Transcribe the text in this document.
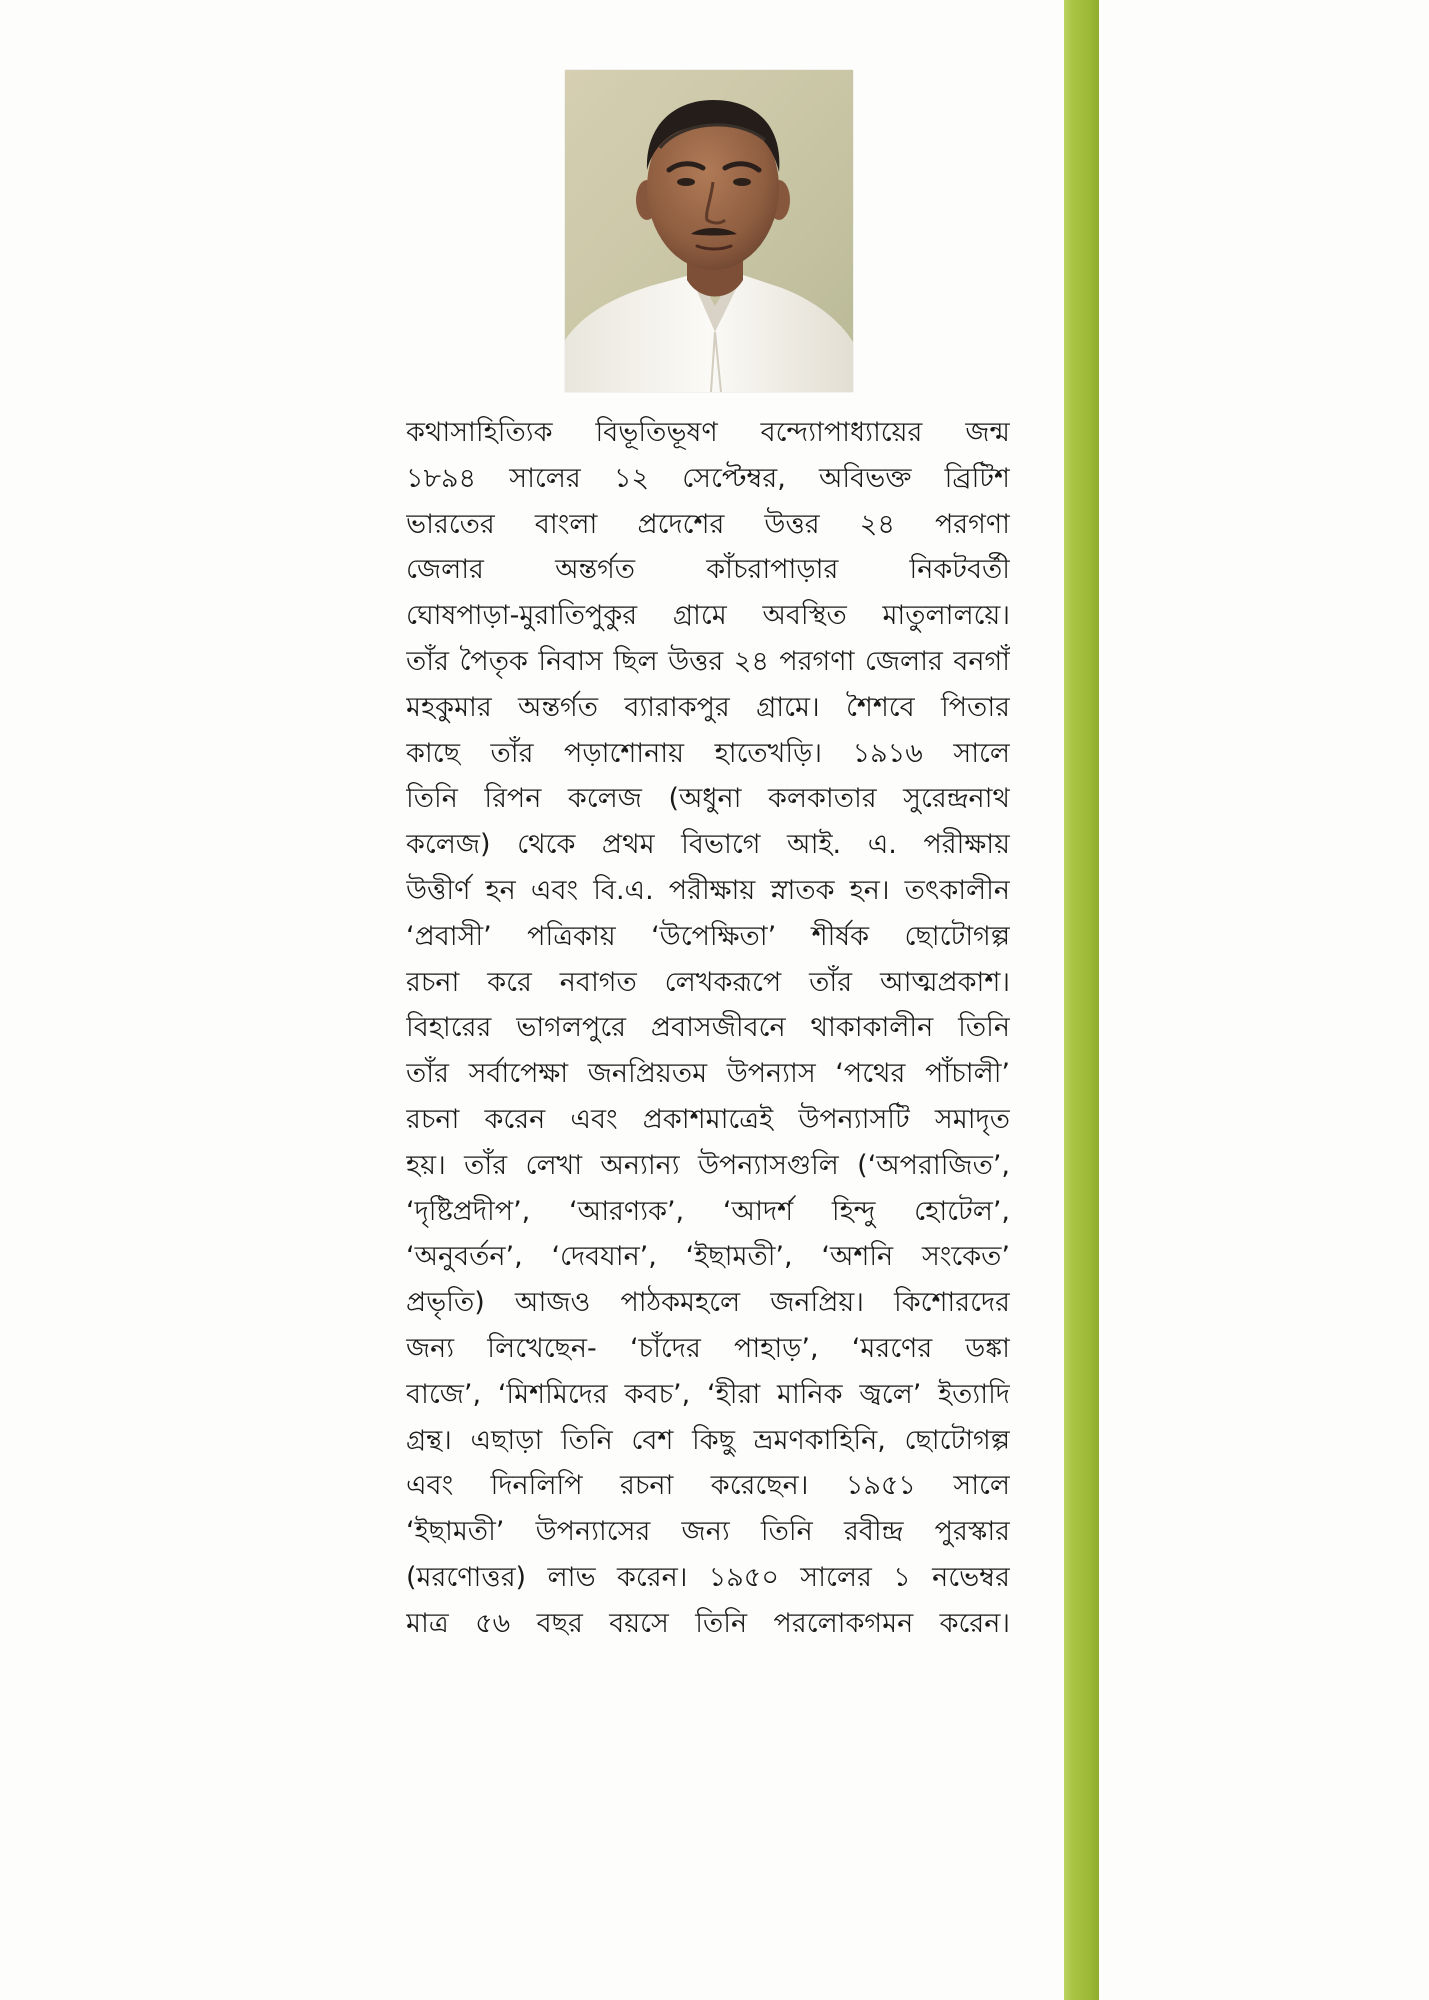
কথাসাহিত্যিক বিভূতিভূষণ বন্দ্যোপাধ্যায়ের জন্ম
১৮৯৪ সালের ১২ সেপ্টেম্বর, অবিভক্ত ব্রিটিশ
ভারতের বাংলা প্রদেশের উত্তর ২৪ পরগণা
জেলার অন্তর্গত কাঁচরাপাড়ার নিকটবর্তী
ঘোষপাড়া-মুরাতিপুকুর গ্রামে অবস্থিত মাতুলালয়ে।
তাঁর পৈতৃক নিবাস ছিল উত্তর ২৪ পরগণা জেলার বনগাঁ
মহকুমার অন্তর্গত ব্যারাকপুর গ্রামে। শৈশবে পিতার
কাছে তাঁর পড়াশোনায় হাতেখড়ি। ১৯১৬ সালে
তিনি রিপন কলেজ (অধুনা কলকাতার সুরেন্দ্রনাথ
কলেজ) থেকে প্রথম বিভাগে আই. এ. পরীক্ষায়
উত্তীর্ণ হন এবং বি.এ. পরীক্ষায় স্নাতক হন। তৎকালীন
‘প্রবাসী’ পত্রিকায় ‘উপেক্ষিতা’ শীর্ষক ছোটোগল্প
রচনা করে নবাগত লেখকরূপে তাঁর আত্মপ্রকাশ।
বিহারের ভাগলপুরে প্রবাসজীবনে থাকাকালীন তিনি
তাঁর সর্বাপেক্ষা জনপ্রিয়তম উপন্যাস ‘পথের পাঁচালী’
রচনা করেন এবং প্রকাশমাত্রেই উপন্যাসটি সমাদৃত
হয়। তাঁর লেখা অন্যান্য উপন্যাসগুলি (‘অপরাজিত’,
‘দৃষ্টিপ্রদীপ’, ‘আরণ্যক’, ‘আদর্শ হিন্দু হোটেল’,
‘অনুবর্তন’, ‘দেবযান’, ‘ইছামতী’, ‘অশনি সংকেত’
প্রভৃতি) আজও পাঠকমহলে জনপ্রিয়। কিশোরদের
জন্য লিখেছেন- ‘চাঁদের পাহাড়’, ‘মরণের ডঙ্কা
বাজে’, ‘মিশমিদের কবচ’, ‘হীরা মানিক জ্বলে’ ইত্যাদি
গ্রন্থ। এছাড়া তিনি বেশ কিছু ভ্রমণকাহিনি, ছোটোগল্প
এবং দিনলিপি রচনা করেছেন। ১৯৫১ সালে
‘ইছামতী’ উপন্যাসের জন্য তিনি রবীন্দ্র পুরস্কার
(মরণোত্তর) লাভ করেন। ১৯৫০ সালের ১ নভেম্বর
মাত্র ৫৬ বছর বয়সে তিনি পরলোকগমন করেন।
